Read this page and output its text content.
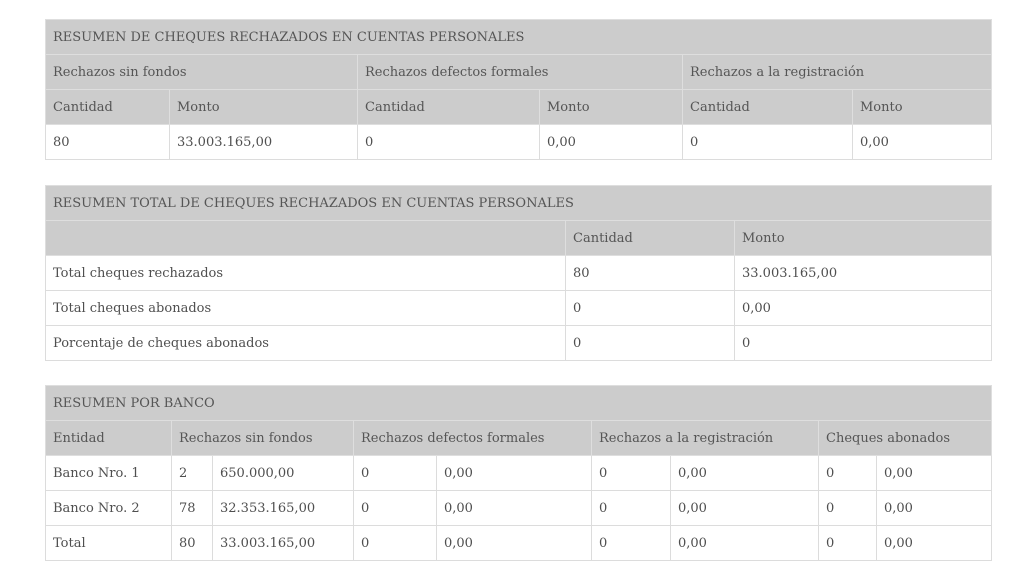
RESUMEN DE CHEQUES RECHAZADOS EN CUENTAS PERSONALES					
Rechazos sin fondos		Rechazos defectos formales		Rechazos a la registración	
Cantidad	Monto	Cantidad	Monto	Cantidad	Monto
80	33.003.165,00	0	0,00	0	0,00
RESUMEN TOTAL DE CHEQUES RECHAZADOS EN CUENTAS PERSONALES		
	Cantidad	Monto
Total cheques rechazados	80	33.003.165,00
Total cheques abonados	0	0,00
Porcentaje de cheques abonados	0	0
RESUMEN POR BANCO								
Entidad	Rechazos sin fondos		Rechazos defectos formales		Rechazos a la registración		Cheques abonados	
Banco Nro. 1	2	650.000,00	0	0,00	0	0,00	0	0,00
Banco Nro. 2	78	32.353.165,00	0	0,00	0	0,00	0	0,00
Total	80	33.003.165,00	0	0,00	0	0,00	0	0,00
